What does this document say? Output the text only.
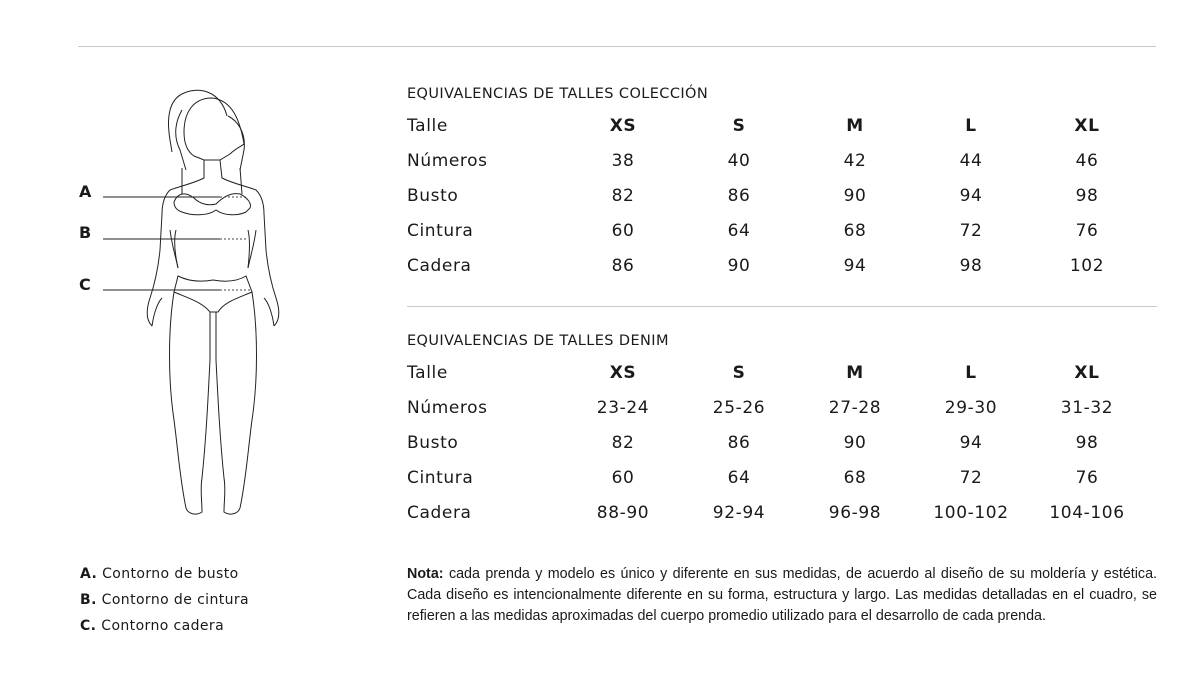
A
B
C
EQUIVALENCIAS DE TALLES COLECCIÓN
Talle	XS	S	M	L	XL
Números	38	40	42	44	46
Busto	82	86	90	94	98
Cintura	60	64	68	72	76
Cadera	86	90	94	98	102
EQUIVALENCIAS DE TALLES DENIM
Talle	XS	S	M	L	XL
Números	23-24	25-26	27-28	29-30	31-32
Busto	82	86	90	94	98
Cintura	60	64	68	72	76
Cadera	88-90	92-94	96-98	100-102	104-106
A. Contorno de busto
B. Contorno de cintura
C. Contorno cadera
Nota: cada prenda y modelo es único y diferente en sus medidas, de acuerdo al diseño de su moldería y estética. Cada diseño es intencionalmente diferente en su forma, estructura y largo. Las medidas detalladas en el cuadro, se refieren a las medidas aproximadas del cuerpo promedio utilizado para el desarrollo de cada prenda.
